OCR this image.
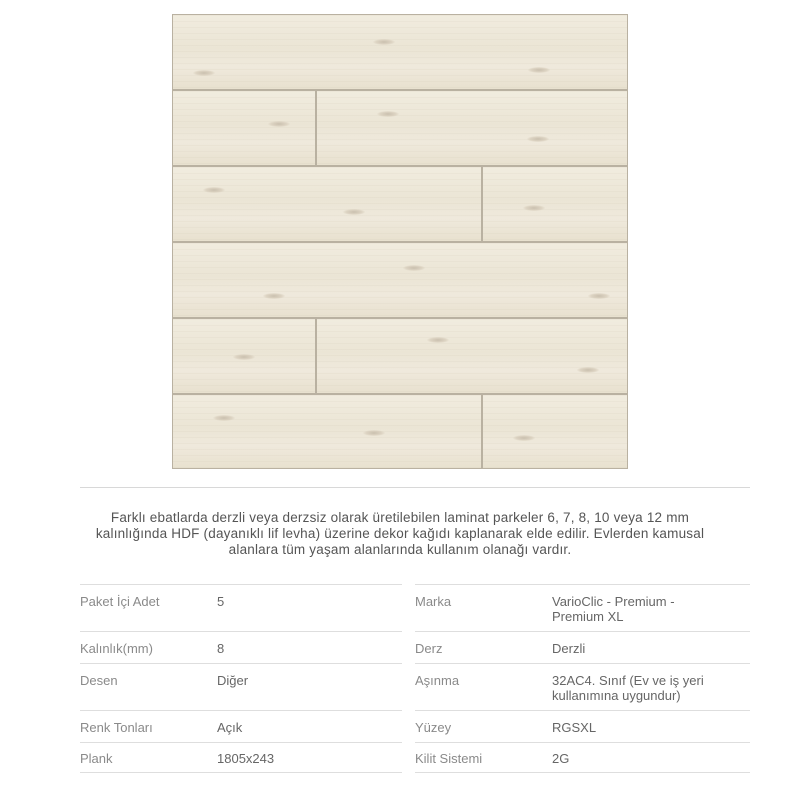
Farklı ebatlarda derzli veya derzsiz olarak üretilebilen laminat parkeler 6, 7, 8, 10 veya 12 mm kalınlığında HDF (dayanıklı lif levha) üzerine dekor kağıdı kaplanarak elde edilir. Evlerden kamusal alanlara tüm yaşam alanlarında kullanım olanağı vardır.
Paket İçi Adet	5
Kalınlık(mm)	8
Desen	Diğer
Renk Tonları	Açık
Plank	1805x243
Marka	VarioClic - Premium - Premium XL
Derz	Derzli
Aşınma	32AC4. Sınıf (Ev ve iş yeri kullanımına uygundur)
Yüzey	RGSXL
Kilit Sistemi	2G
